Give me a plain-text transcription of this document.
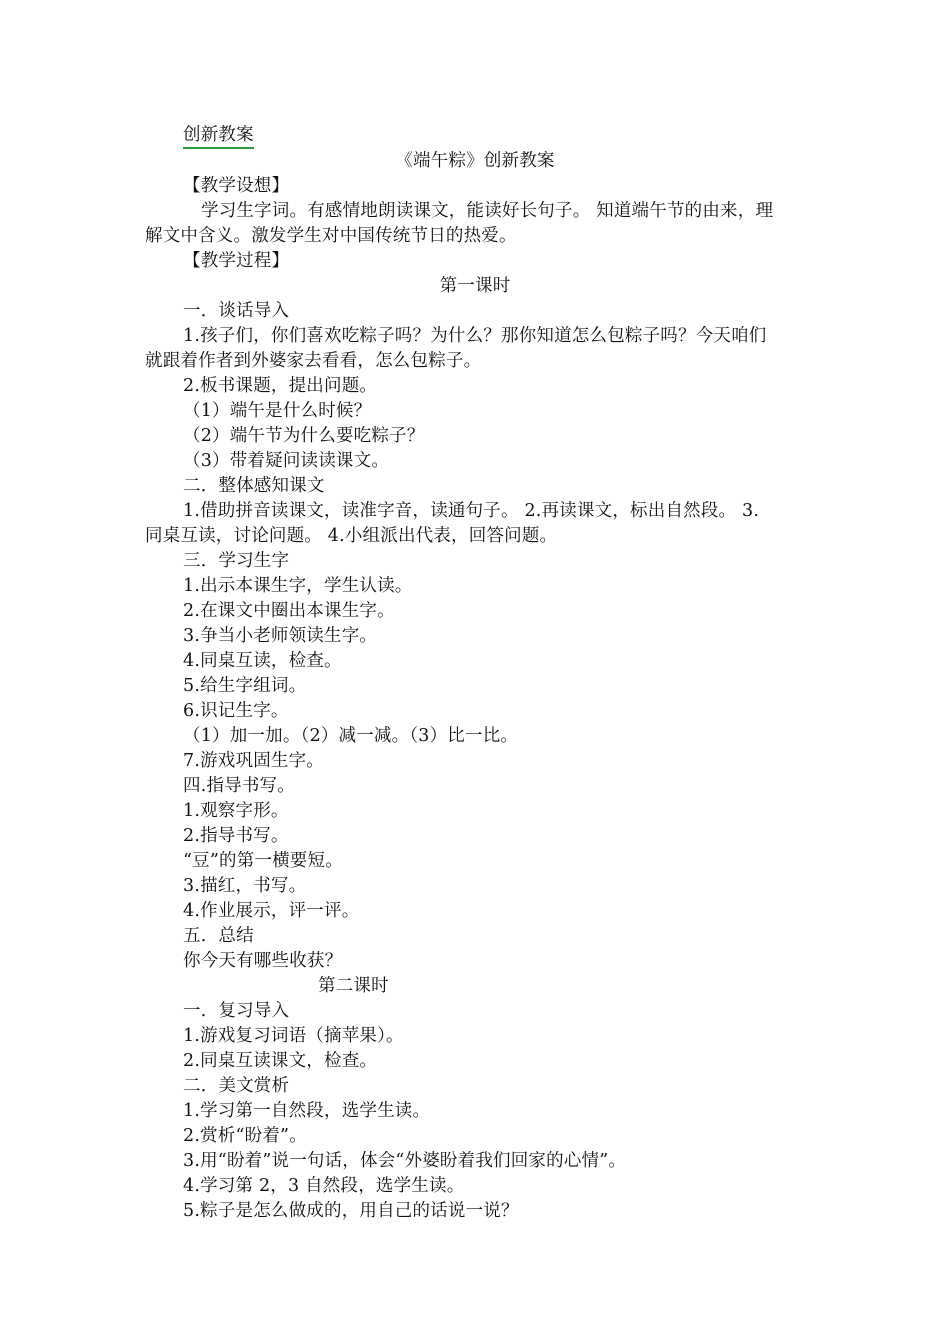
创新教案
《端午粽》创新教案
【教学设想】
学习生字词。有感情地朗读课文，能读好长句子。 知道端午节的由来，理
解文中含义。激发学生对中国传统节日的热爱。
【教学过程】
第一课时
一．谈话导入
1.孩子们，你们喜欢吃粽子吗？为什么？那你知道怎么包粽子吗？今天咱们
就跟着作者到外婆家去看看，怎么包粽子。
2.板书课题，提出问题。
（1）端午是什么时候？
（2）端午节为什么要吃粽子？
（3）带着疑问读读课文。
二．整体感知课文
1.借助拼音读课文，读准字音，读通句子。 2.再读课文，标出自然段。 3.
同桌互读，讨论问题。 4.小组派出代表，回答问题。
三．学习生字
1.出示本课生字，学生认读。
2.在课文中圈出本课生字。
3.争当小老师领读生字。
4.同桌互读，检查。
5.给生字组词。
6.识记生字。
（1）加一加。（2）减一减。（3）比一比。
7.游戏巩固生字。
四.指导书写。
1.观察字形。
2.指导书写。
“豆”的第一横要短。
3.描红，书写。
4.作业展示，评一评。
五．总结
你今天有哪些收获？
第二课时
一．复习导入
1.游戏复习词语（摘苹果）。
2.同桌互读课文，检查。
二．美文赏析
1.学习第一自然段，选学生读。
2.赏析“盼着”。
3.用“盼着”说一句话，体会“外婆盼着我们回家的心情”。
4.学习第 2，3 自然段，选学生读。
5.粽子是怎么做成的，用自己的话说一说？
